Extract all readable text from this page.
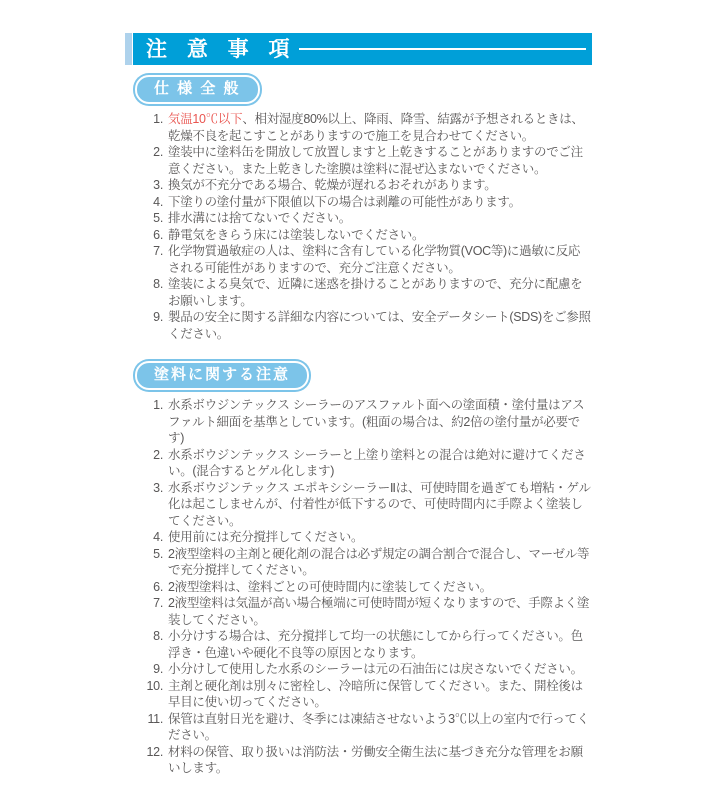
注 意 事 項
仕 様 全 般
1. 気温10℃以下、相対湿度80%以上、降雨、降雪、結露が予想されるときは、乾燥不良を起こすことがありますので施工を見合わせてください。

2. 塗装中に塗料缶を開放して放置しますと上乾きすることがありますのでご注意ください。また上乾きした塗膜は塗料に混ぜ込まないでください。

3. 換気が不充分である場合、乾燥が遅れるおそれがあります。

4. 下塗りの塗付量が下限値以下の場合は剥離の可能性があります。

5. 排水溝には捨てないでください。

6. 静電気をきらう床には塗装しないでください。

7. 化学物質過敏症の人は、塗料に含有している化学物質(VOC等)に過敏に反応される可能性がありますので、充分ご注意ください。

8. 塗装による臭気で、近隣に迷惑を掛けることがありますので、充分に配慮をお願いします。

9. 製品の安全に関する詳細な内容については、安全データシート(SDS)をご参照ください。

塗料に関する注意
1. 水系ボウジンテックス シーラーのアスファルト面への塗面積・塗付量はアスファルト細面を基準としています。(粗面の場合は、約2倍の塗付量が必要です)

2. 水系ボウジンテックス シーラーと上塗り塗料との混合は絶対に避けてください。(混合するとゲル化します)

3. 水系ボウジンテックス エポキシシーラーⅡは、可使時間を過ぎても増粘・ゲル化は起こしませんが、付着性が低下するので、可使時間内に手際よく塗装してください。

4. 使用前には充分撹拌してください。

5. 2液型塗料の主剤と硬化剤の混合は必ず規定の調合割合で混合し、マーゼル等で充分撹拌してください。

6. 2液型塗料は、塗料ごとの可使時間内に塗装してください。

7. 2液型塗料は気温が高い場合極端に可使時間が短くなりますので、手際よく塗装してください。

8. 小分けする場合は、充分撹拌して均一の状態にしてから行ってください。色浮き・色違いや硬化不良等の原因となります。

9. 小分けして使用した水系のシーラーは元の石油缶には戻さないでください。

10. 主剤と硬化剤は別々に密栓し、冷暗所に保管してください。また、開栓後は早目に使い切ってください。

11. 保管は直射日光を避け、冬季には凍結させないよう3℃以上の室内で行ってください。

12. 材料の保管、取り扱いは消防法・労働安全衛生法に基づき充分な管理をお願いします。
